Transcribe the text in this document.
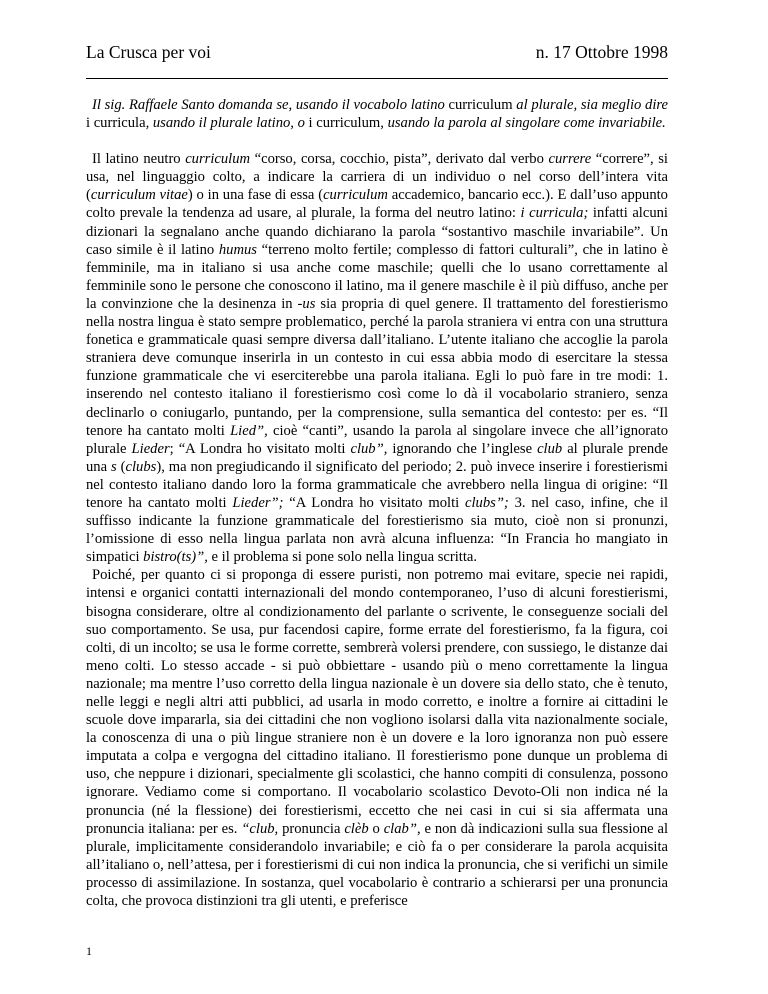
La Crusca per voi	n. 17 Ottobre 1998

Il sig. Raffaele Santo domanda se, usando il vocabolo latino curriculum al plurale, sia meglio dire i curricula, usando il plurale latino, o i curriculum, usando la parola al singolare come invariabile.

Il latino neutro curriculum “corso, corsa, cocchio, pista”, derivato dal verbo currere “correre”, si usa, nel linguaggio colto, a indicare la carriera di un individuo o nel corso dell’intera vita (curriculum vitae) o in una fase di essa (curriculum accademico, bancario ecc.). E dall’uso appunto colto prevale la tendenza ad usare, al plurale, la forma del neutro latino: i curricula; infatti alcuni dizionari la segnalano anche quando dichiarano la parola “sostantivo maschile invariabile”. Un caso simile è il latino humus “terreno molto fertile; complesso di fattori culturali”, che in latino è femminile, ma in italiano si usa anche come maschile; quelli che lo usano correttamente al femminile sono le persone che conoscono il latino, ma il genere maschile è il più diffuso, anche per la convinzione che la desinenza in -us sia propria di quel genere. Il trattamento del forestierismo nella nostra lingua è stato sempre problematico, perché la parola straniera vi entra con una struttura fonetica e grammaticale quasi sempre diversa dall’italiano. L’utente italiano che accoglie la parola straniera deve comunque inserirla in un contesto in cui essa abbia modo di esercitare la stessa funzione grammaticale che vi eserciterebbe una parola italiana. Egli lo può fare in tre modi: 1. inserendo nel contesto italiano il forestierismo così come lo dà il vocabolario straniero, senza declinarlo o coniugarlo, puntando, per la comprensione, sulla semantica del contesto: per es. “Il tenore ha cantato molti Lied”, cioè “canti”, usando la parola al singolare invece che all’ignorato plurale Lieder; “A Londra ho visitato molti club”, ignorando che l’inglese club al plurale prende una s (clubs), ma non pregiudicando il significato del periodo; 2. può invece inserire i forestierismi nel contesto italiano dando loro la forma grammaticale che avrebbero nella lingua di origine: “Il tenore ha cantato molti Lieder”; “A Londra ho visitato molti clubs”; 3. nel caso, infine, che il suffisso indicante la funzione grammaticale del forestierismo sia muto, cioè non si pronunzi, l’omissione di esso nella lingua parlata non avrà alcuna influenza: “In Francia ho mangiato in simpatici bistro(ts)”, e il problema si pone solo nella lingua scritta.

Poiché, per quanto ci si proponga di essere puristi, non potremo mai evitare, specie nei rapidi, intensi e organici contatti internazionali del mondo contemporaneo, l’uso di alcuni forestierismi, bisogna considerare, oltre al condizionamento del parlante o scrivente, le conseguenze sociali del suo comportamento. Se usa, pur facendosi capire, forme errate del forestierismo, fa la figura, coi colti, di un incolto; se usa le forme corrette, sembrerà volersi prendere, con sussiego, le distanze dai meno colti. Lo stesso accade - si può obbiettare - usando più o meno correttamente la lingua nazionale; ma mentre l’uso corretto della lingua nazionale è un dovere sia dello stato, che è tenuto, nelle leggi e negli altri atti pubblici, ad usarla in modo corretto, e inoltre a fornire ai cittadini le scuole dove impararla, sia dei cittadini che non vogliono isolarsi dalla vita nazionalmente sociale, la conoscenza di una o più lingue straniere non è un dovere e la loro ignoranza non può essere imputata a colpa e vergogna del cittadino italiano. Il forestierismo pone dunque un problema di uso, che neppure i dizionari, specialmente gli scolastici, che hanno compiti di consulenza, possono ignorare. Vediamo come si comportano. Il vocabolario scolastico Devoto-Oli non indica né la pronuncia (né la flessione) dei forestierismi, eccetto che nei casi in cui si sia affermata una pronuncia italiana: per es. “club, pronuncia clèb o clab”, e non dà indicazioni sulla sua flessione al plurale, implicitamente considerandolo invariabile; e ciò fa o per considerare la parola acquisita all’italiano o, nell’attesa, per i forestierismi di cui non indica la pronuncia, che si verifichi un simile processo di assimilazione. In sostanza, quel vocabolario è contrario a schierarsi per una pronuncia colta, che provoca distinzioni tra gli utenti, e preferisce

1
